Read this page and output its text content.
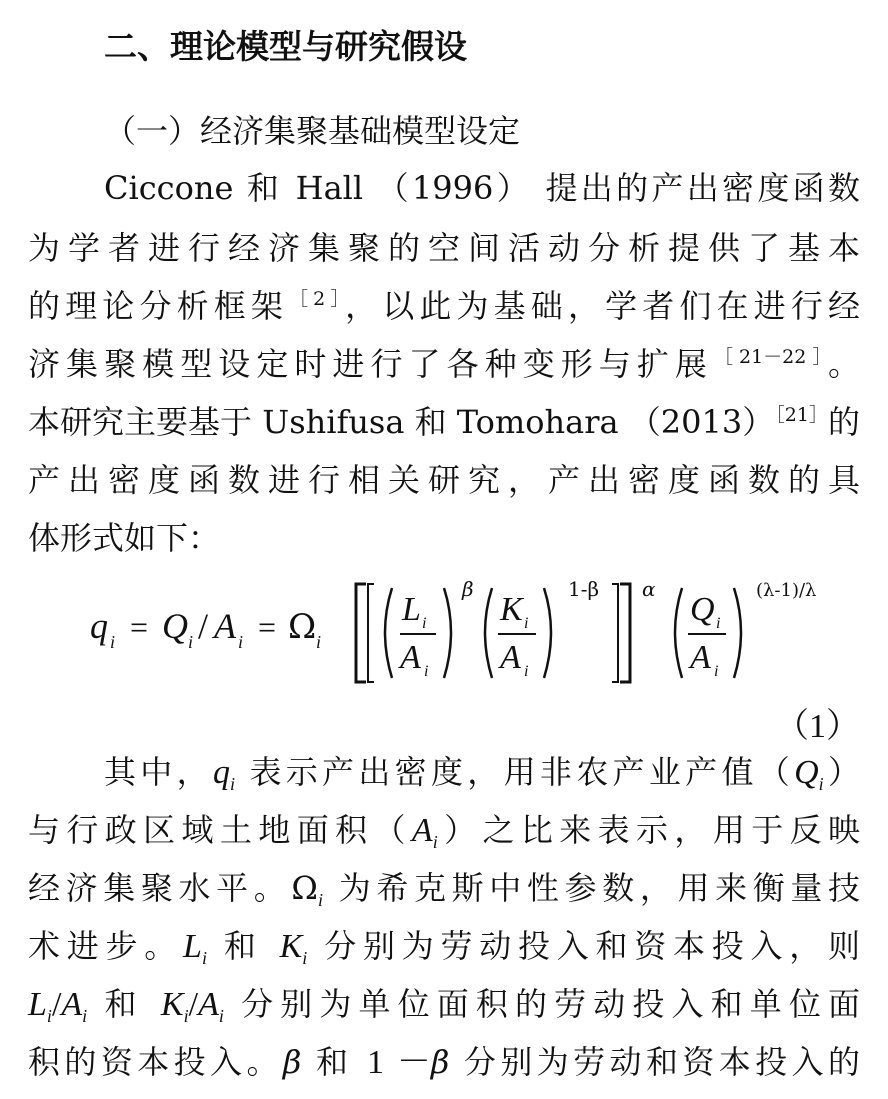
二、理论模型与研究假设
（一）经济集聚基础模型设定
Ciccone 和 Hall （1996） 提出的产出密度函数
为学者进行经济集聚的空间活动分析提供了基本
的理论分析框架$^{[2]}$，以此为基础，学者们在进行经
济集聚模型设定时进行了各种变形与扩展$^{[21-22]}$。
本研究主要基于 Ushifusa 和 Tomohara （2013）$^{[21]}$的
产出密度函数进行相关研究，产出密度函数的具
体形式如下：
q i = Q i / A i = Ω i
L i
A i
β
K i
A i
1-β α
Q i
A i
(λ-1)/λ
（1）
其中，$q_i$ 表示产出密度，用非农产业产值$(Q_i)$
与行政区域土地面积$(A_i)$之比来表示，用于反映
经济集聚水平。$\Omega_i$ 为希克斯中性参数，用来衡量技
术进步。$L_i$ 和 $K_i$ 分别为劳动投入和资本投入，则
$L_i/A_i$ 和 $K_i/A_i$ 分别为单位面积的劳动投入和单位面
积的资本投入。β 和 1 －β 分别为劳动和资本投入的
